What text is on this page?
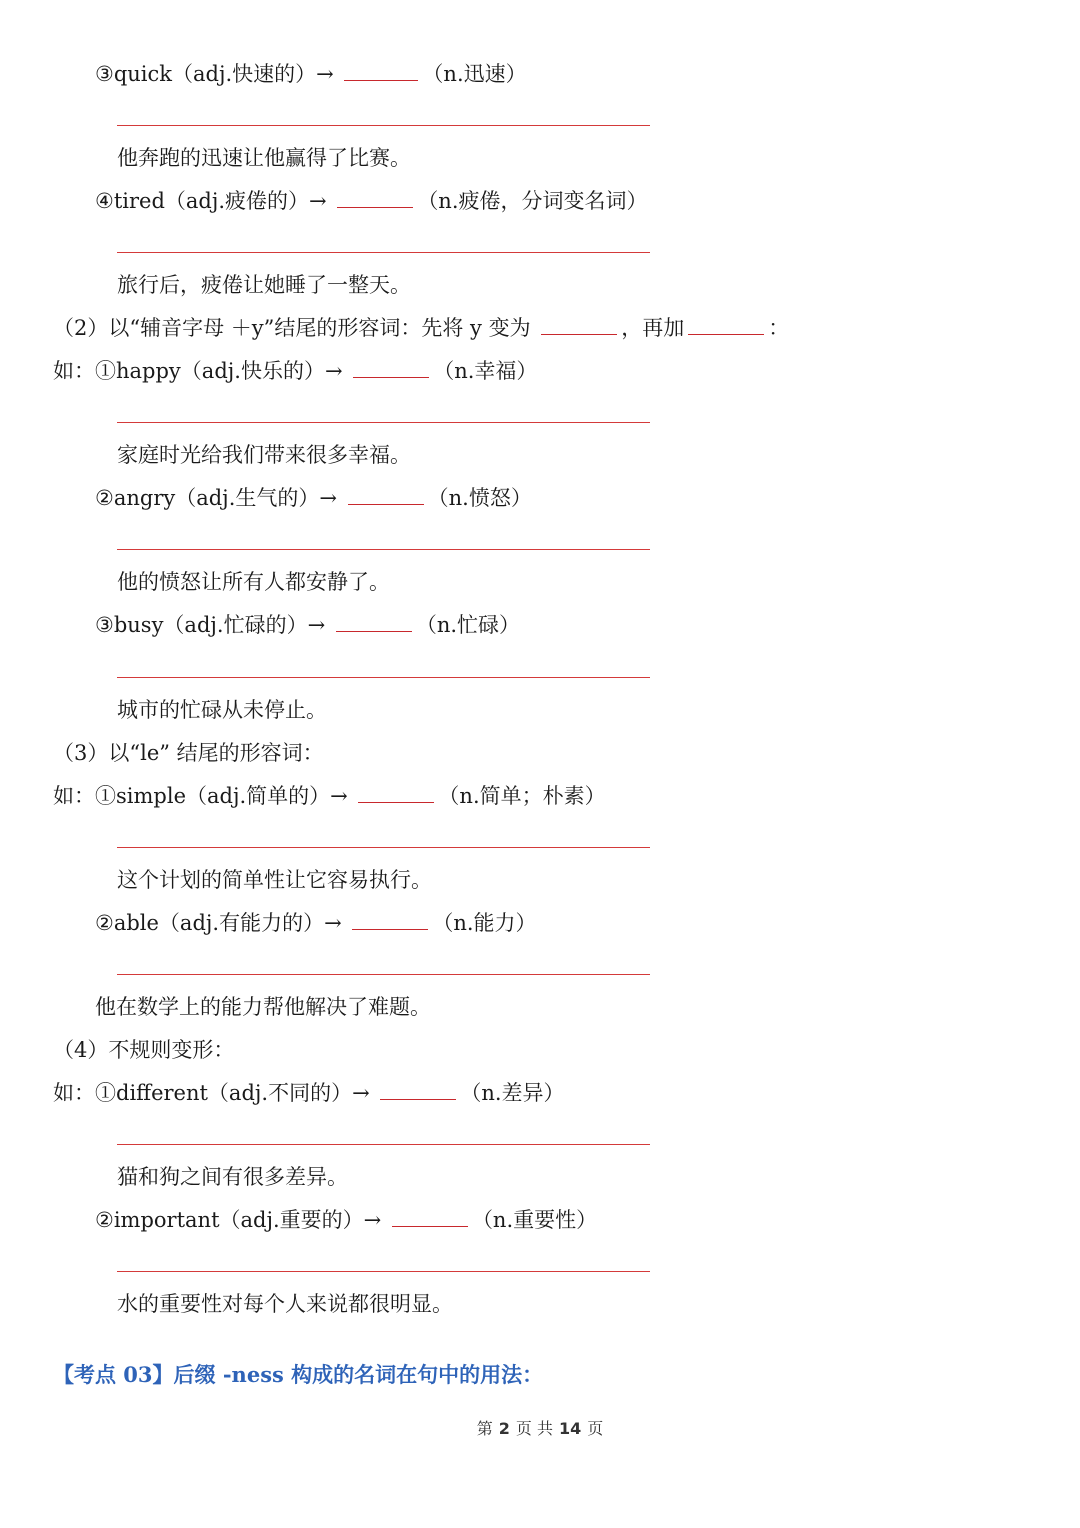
③quick（adj.快速的）→	（n.迅速）
他奔跑的迅速让他赢得了比赛。
④tired（adj.疲倦的）→	（n.疲倦，分词变名词）
旅行后，疲倦让她睡了一整天。
（2）以“辅音字母 ＋y”结尾的形容词：先将 y 变为	，再加	：
如：①happy（adj.快乐的）→	（n.幸福）
家庭时光给我们带来很多幸福。
②angry（adj.生气的）→	（n.愤怒）
他的愤怒让所有人都安静了。
③busy（adj.忙碌的）→	（n.忙碌）
城市的忙碌从未停止。
（3）以“le” 结尾的形容词：
如：①simple（adj.简单的）→	（n.简单；朴素）
这个计划的简单性让它容易执行。
②able（adj.有能力的）→	（n.能力）
他在数学上的能力帮他解决了难题。
（4）不规则变形：
如：①different（adj.不同的）→	（n.差异）
猫和狗之间有很多差异。
②important（adj.重要的）→	（n.重要性）
水的重要性对每个人来说都很明显。
【考点 03】后缀 -ness 构成的名词在句中的用法：
第 2 页 共 14 页
